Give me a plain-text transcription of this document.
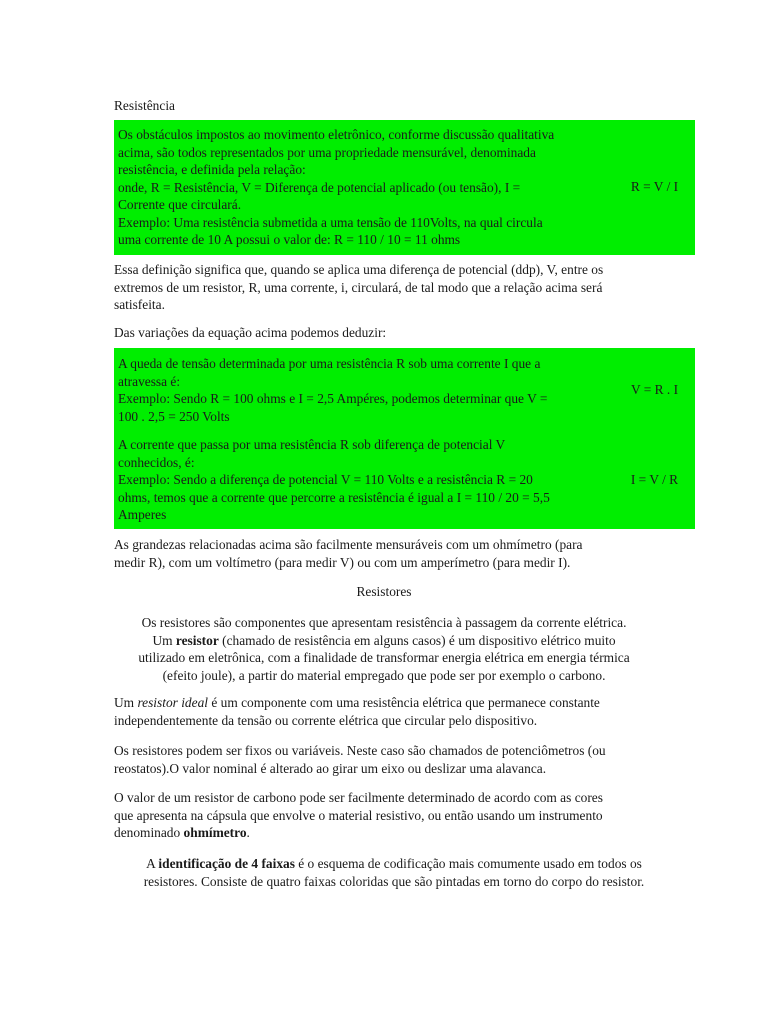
Resistência
Os obstáculos impostos ao movimento eletrônico, conforme discussão qualitativa
acima, são todos representados por uma propriedade mensurável, denominada
resistência, e definida pela relação:
onde, R = Resistência, V = Diferença de potencial aplicado (ou tensão), I =
Corrente que circulará.
Exemplo: Uma resistência submetida a uma tensão de 110Volts, na qual circula
uma corrente de 10 A possui o valor de: R = 110 / 10 = 11 ohms
R = V / I
Essa definição significa que, quando se aplica uma diferença de potencial (ddp), V, entre os
extremos de um resistor, R, uma corrente, i, circulará, de tal modo que a relação acima será
satisfeita.
Das variações da equação acima podemos deduzir:
A queda de tensão determinada por uma resistência R sob uma corrente I que a
atravessa é:
Exemplo: Sendo R = 100 ohms e I = 2,5 Ampéres, podemos determinar que V =
100 . 2,5 = 250 Volts
V = R . I
A corrente que passa por uma resistência R sob diferença de potencial V
conhecidos, é:
Exemplo: Sendo a diferença de potencial V = 110 Volts e a resistência R = 20
ohms, temos que a corrente que percorre a resistência é igual a I = 110 / 20 = 5,5
Amperes
I = V / R
As grandezas relacionadas acima são facilmente mensuráveis com um ohmímetro (para
medir R), com um voltímetro (para medir V) ou com um amperímetro (para medir I).
Resistores
Os resistores são componentes que apresentam resistência à passagem da corrente elétrica.
Um resistor (chamado de resistência em alguns casos) é um dispositivo elétrico muito
utilizado em eletrônica, com a finalidade de transformar energia elétrica em energia térmica
(efeito joule), a partir do material empregado que pode ser por exemplo o carbono.
Um resistor ideal é um componente com uma resistência elétrica que permanece constante
independentemente da tensão ou corrente elétrica que circular pelo dispositivo.
Os resistores podem ser fixos ou variáveis. Neste caso são chamados de potenciômetros (ou
reostatos).O valor nominal é alterado ao girar um eixo ou deslizar uma alavanca.
O valor de um resistor de carbono pode ser facilmente determinado de acordo com as cores
que apresenta na cápsula que envolve o material resistivo, ou então usando um instrumento
denominado ohmímetro.
A identificação de 4 faixas é o esquema de codificação mais comumente usado em todos os
resistores. Consiste de quatro faixas coloridas que são pintadas em torno do corpo do resistor.
